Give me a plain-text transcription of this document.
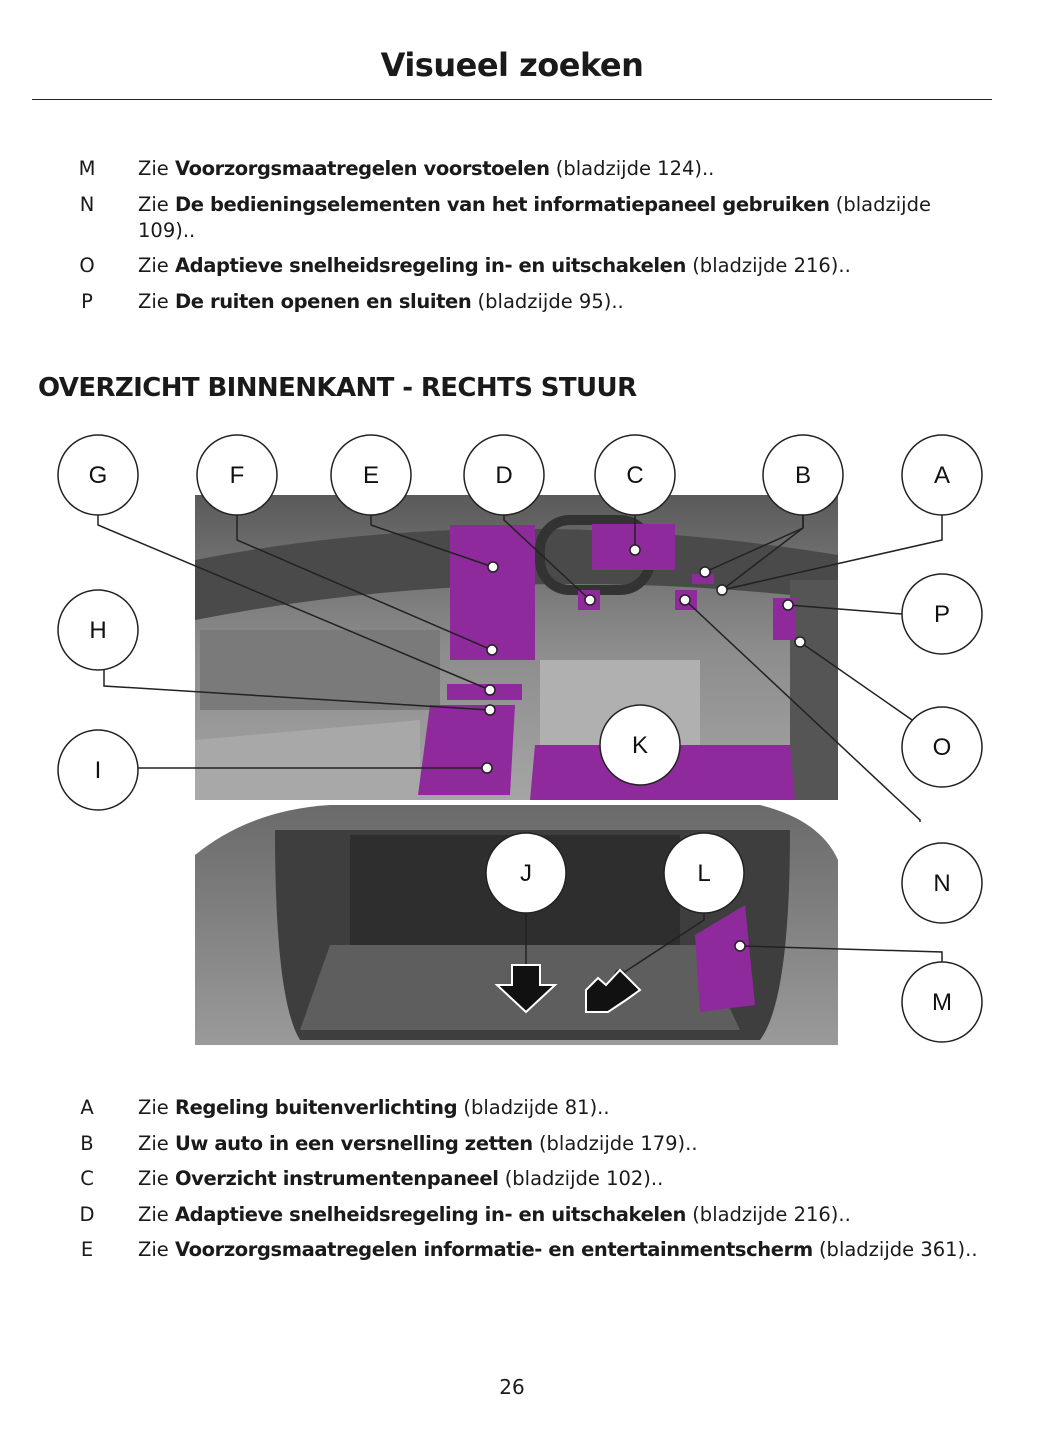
Visueel zoeken
M Zie Voorzorgsmaatregelen voorstoelen (bladzijde 124)..
N Zie De bedieningselementen van het informatiepaneel gebruiken (bladzijde 109)..
O Zie Adaptieve snelheidsregeling in- en uitschakelen (bladzijde 216)..
P Zie De ruiten openen en sluiten (bladzijde 95)..
OVERZICHT BINNENKANT - RECHTS STUUR
G	F	E	D	C	B	A
H
P
I
K	O
J	L	N
M
A Zie Regeling buitenverlichting (bladzijde 81)..
B Zie Uw auto in een versnelling zetten (bladzijde 179)..
C Zie Overzicht instrumentenpaneel (bladzijde 102)..
D Zie Adaptieve snelheidsregeling in- en uitschakelen (bladzijde 216)..
E Zie Voorzorgsmaatregelen informatie- en entertainmentscherm (bladzijde 361)..
26
